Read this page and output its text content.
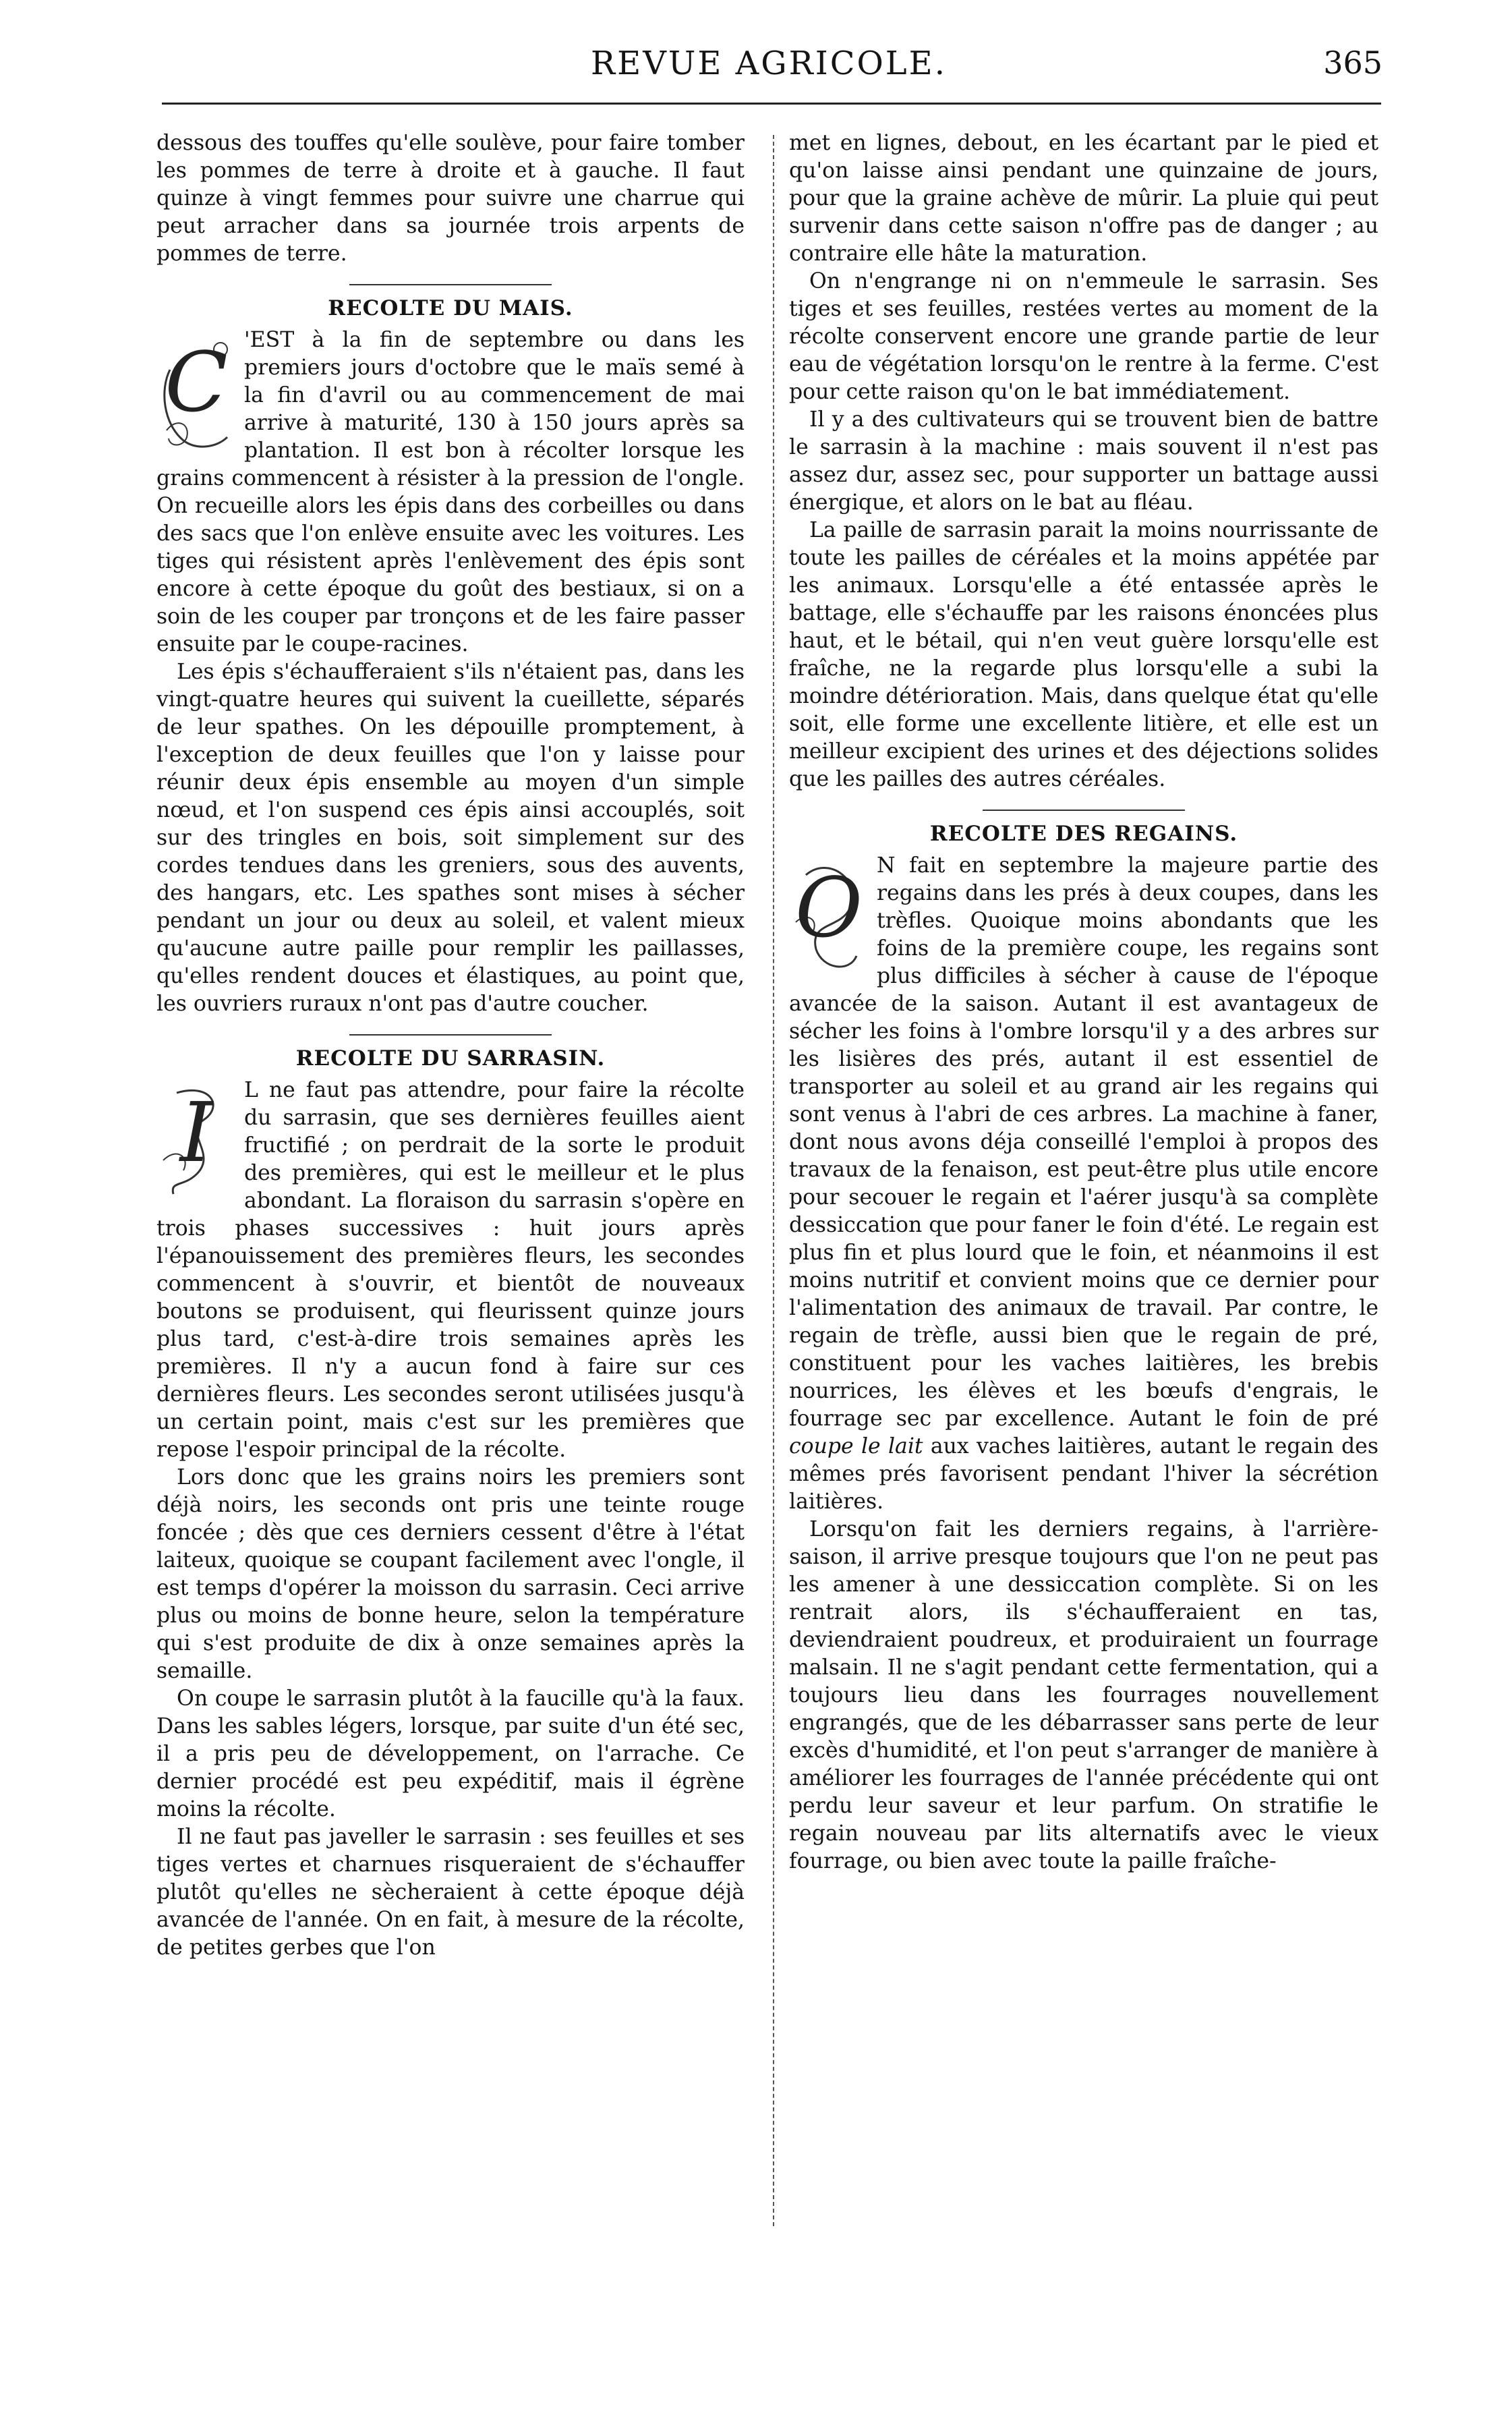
REVUE AGRICOLE.	365

dessous des touffes qu'elle soulève, pour faire tomber les pommes de terre à droite et à gauche. Il faut quinze à vingt femmes pour suivre une charrue qui peut arracher dans sa journée trois arpents de pommes de terre.

RECOLTE DU MAIS.
C 'EST à la fin de septembre ou dans les premiers jours d'octobre que le maïs semé à la fin d'avril ou au commencement de mai arrive à maturité, 130 à 150 jours après sa plantation. Il est bon à récolter lorsque les grains commencent à résister à la pression de l'ongle. On recueille alors les épis dans des corbeilles ou dans des sacs que l'on enlève ensuite avec les voitures. Les tiges qui résistent après l'enlèvement des épis sont encore à cette époque du goût des bestiaux, si on a soin de les couper par tronçons et de les faire passer ensuite par le coupe-racines.

Les épis s'échaufferaient s'ils n'étaient pas, dans les vingt-quatre heures qui suivent la cueillette, séparés de leur spathes. On les dépouille promptement, à l'exception de deux feuilles que l'on y laisse pour réunir deux épis ensemble au moyen d'un simple nœud, et l'on suspend ces épis ainsi accouplés, soit sur des tringles en bois, soit simplement sur des cordes tendues dans les greniers, sous des auvents, des hangars, etc. Les spathes sont mises à sécher pendant un jour ou deux au soleil, et valent mieux qu'aucune autre paille pour remplir les paillasses, qu'elles rendent douces et élastiques, au point que, les ouvriers ruraux n'ont pas d'autre coucher.

RECOLTE DU SARRASIN.
I	L ne faut pas attendre, pour faire la récolte du sarrasin, que ses dernières feuilles aient fructifié ; on perdrait de la sorte le produit des premières, qui est le meilleur et le plus abondant. La floraison du sarrasin s'opère en trois phases successives : huit jours après l'épanouissement des premières fleurs, les secondes commencent à s'ouvrir, et bientôt de nouveaux boutons se produisent, qui fleurissent quinze jours plus tard, c'est-à-dire trois semaines après les premières. Il n'y a aucun fond à faire sur ces dernières fleurs. Les secondes seront utilisées jusqu'à un certain point, mais c'est sur les premières que repose l'espoir principal de la récolte.

Lors donc que les grains noirs les premiers sont déjà noirs, les seconds ont pris une teinte rouge foncée ; dès que ces derniers cessent d'être à l'état laiteux, quoique se coupant facilement avec l'ongle, il est temps d'opérer la moisson du sarrasin. Ceci arrive plus ou moins de bonne heure, selon la température qui s'est produite de dix à onze semaines après la semaille.

On coupe le sarrasin plutôt à la faucille qu'à la faux. Dans les sables légers, lorsque, par suite d'un été sec, il a pris peu de développement, on l'arrache. Ce dernier procédé est peu expéditif, mais il égrène moins la récolte.

Il ne faut pas javeller le sarrasin : ses feuilles et ses tiges vertes et charnues risqueraient de s'échauffer plutôt qu'elles ne sècheraient à cette époque déjà avancée de l'année. On en fait, à mesure de la récolte, de petites gerbes que l'on

met en lignes, debout, en les écartant par le pied et qu'on laisse ainsi pendant une quinzaine de jours, pour que la graine achève de mûrir. La pluie qui peut survenir dans cette saison n'offre pas de danger ; au contraire elle hâte la maturation.

On n'engrange ni on n'emmeule le sarrasin. Ses tiges et ses feuilles, restées vertes au moment de la récolte conservent encore une grande partie de leur eau de végétation lorsqu'on le rentre à la ferme. C'est pour cette raison qu'on le bat immédiatement.

Il y a des cultivateurs qui se trouvent bien de battre le sarrasin à la machine : mais souvent il n'est pas assez dur, assez sec, pour supporter un battage aussi énergique, et alors on le bat au fléau.

La paille de sarrasin parait la moins nourrissante de toute les pailles de céréales et la moins appétée par les animaux. Lorsqu'elle a été entassée après le battage, elle s'échauffe par les raisons énoncées plus haut, et le bétail, qui n'en veut guère lorsqu'elle est fraîche, ne la regarde plus lorsqu'elle a subi la moindre détérioration. Mais, dans quelque état qu'elle soit, elle forme une excellente litière, et elle est un meilleur excipient des urines et des déjections solides que les pailles des autres céréales.

RECOLTE DES REGAINS.
O N fait en septembre la majeure partie des regains dans les prés à deux coupes, dans les trèfles. Quoique moins abondants que les foins de la première coupe, les regains sont plus difficiles à sécher à cause de l'époque avancée de la saison. Autant il est avantageux de sécher les foins à l'ombre lorsqu'il y a des arbres sur les lisières des prés, autant il est essentiel de transporter au soleil et au grand air les regains qui sont venus à l'abri de ces arbres. La machine à faner, dont nous avons déja conseillé l'emploi à propos des travaux de la fenaison, est peut-être plus utile encore pour secouer le regain et l'aérer jusqu'à sa complète dessiccation que pour faner le foin d'été. Le regain est plus fin et plus lourd que le foin, et néanmoins il est moins nutritif et convient moins que ce dernier pour l'alimentation des animaux de travail. Par contre, le regain de trèfle, aussi bien que le regain de pré, constituent pour les vaches laitières, les brebis nourrices, les élèves et les bœufs d'engrais, le fourrage sec par excellence. Autant le foin de pré coupe le lait aux vaches laitières, autant le regain des mêmes prés favorisent pendant l'hiver la sécrétion laitières.

Lorsqu'on fait les derniers regains, à l'arrière-saison, il arrive presque toujours que l'on ne peut pas les amener à une dessiccation complète. Si on les rentrait alors, ils s'échaufferaient en tas, deviendraient poudreux, et produiraient un fourrage malsain. Il ne s'agit pendant cette fermentation, qui a toujours lieu dans les fourrages nouvellement engrangés, que de les débarrasser sans perte de leur excès d'humidité, et l'on peut s'arranger de manière à améliorer les fourrages de l'année précédente qui ont perdu leur saveur et leur parfum. On stratifie le regain nouveau par lits alternatifs avec le vieux fourrage, ou bien avec toute la paille fraîche-
